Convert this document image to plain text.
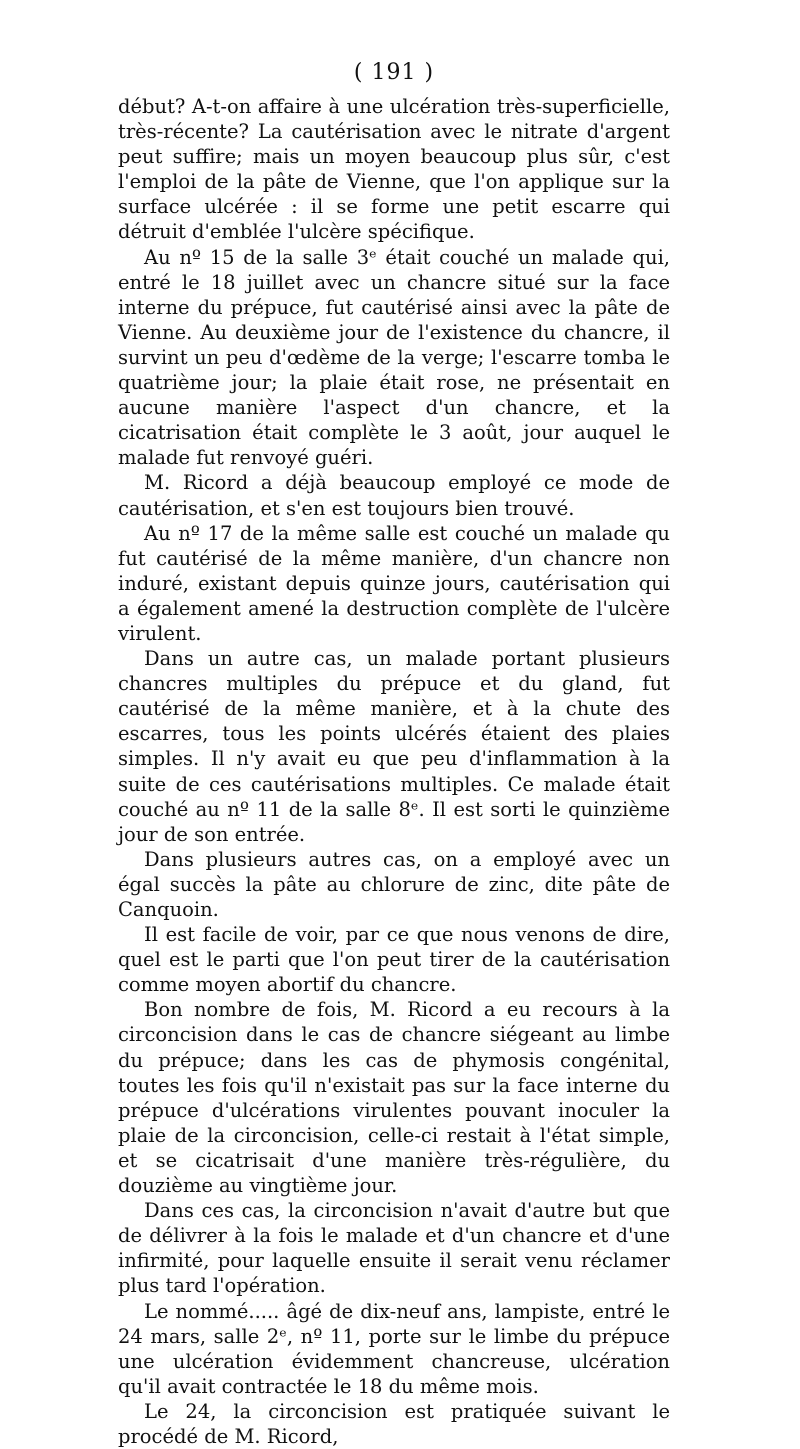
( 191 )

début? A-t-on affaire à une ulcération très-superficielle, très-récente? La cautérisation avec le nitrate d'argent peut suffire; mais un moyen beaucoup plus sûr, c'est l'emploi de la pâte de Vienne, que l'on applique sur la surface ulcérée : il se forme une petit escarre qui détruit d'emblée l'ulcère spécifique.

Au nº 15 de la salle 3ᵉ était couché un malade qui, entré le 18 juillet avec un chancre situé sur la face interne du prépuce, fut cautérisé ainsi avec la pâte de Vienne. Au deuxième jour de l'existence du chancre, il survint un peu d'œdème de la verge; l'escarre tomba le quatrième jour; la plaie était rose, ne présentait en aucune manière l'aspect d'un chancre, et la cicatrisation était complète le 3 août, jour auquel le malade fut renvoyé guéri.

M. Ricord a déjà beaucoup employé ce mode de cautérisation, et s'en est toujours bien trouvé.

Au nº 17 de la même salle est couché un malade qu fut cautérisé de la même manière, d'un chancre non induré, existant depuis quinze jours, cautérisation qui a également amené la destruction complète de l'ulcère virulent.

Dans un autre cas, un malade portant plusieurs chancres multiples du prépuce et du gland, fut cautérisé de la même manière, et à la chute des escarres, tous les points ulcérés étaient des plaies simples. Il n'y avait eu que peu d'inflammation à la suite de ces cautérisations multiples. Ce malade était couché au nº 11 de la salle 8ᵉ. Il est sorti le quinzième jour de son entrée.

Dans plusieurs autres cas, on a employé avec un égal succès la pâte au chlorure de zinc, dite pâte de Canquoin.

Il est facile de voir, par ce que nous venons de dire, quel est le parti que l'on peut tirer de la cautérisation comme moyen abortif du chancre.

Bon nombre de fois, M. Ricord a eu recours à la circoncision dans le cas de chancre siégeant au limbe du prépuce; dans les cas de phymosis congénital, toutes les fois qu'il n'existait pas sur la face interne du prépuce d'ulcérations virulentes pouvant inoculer la plaie de la circoncision, celle-ci restait à l'état simple, et se cicatrisait d'une manière très-régulière, du douzième au vingtième jour.

Dans ces cas, la circoncision n'avait d'autre but que de délivrer à la fois le malade et d'un chancre et d'une infirmité, pour laquelle ensuite il serait venu réclamer plus tard l'opération.

Le nommé..... âgé de dix-neuf ans, lampiste, entré le 24 mars, salle 2ᵉ, nº 11, porte sur le limbe du prépuce une ulcération évidemment chancreuse, ulcération qu'il avait contractée le 18 du même mois.

Le 24, la circoncision est pratiquée suivant le procédé de M. Ricord,
